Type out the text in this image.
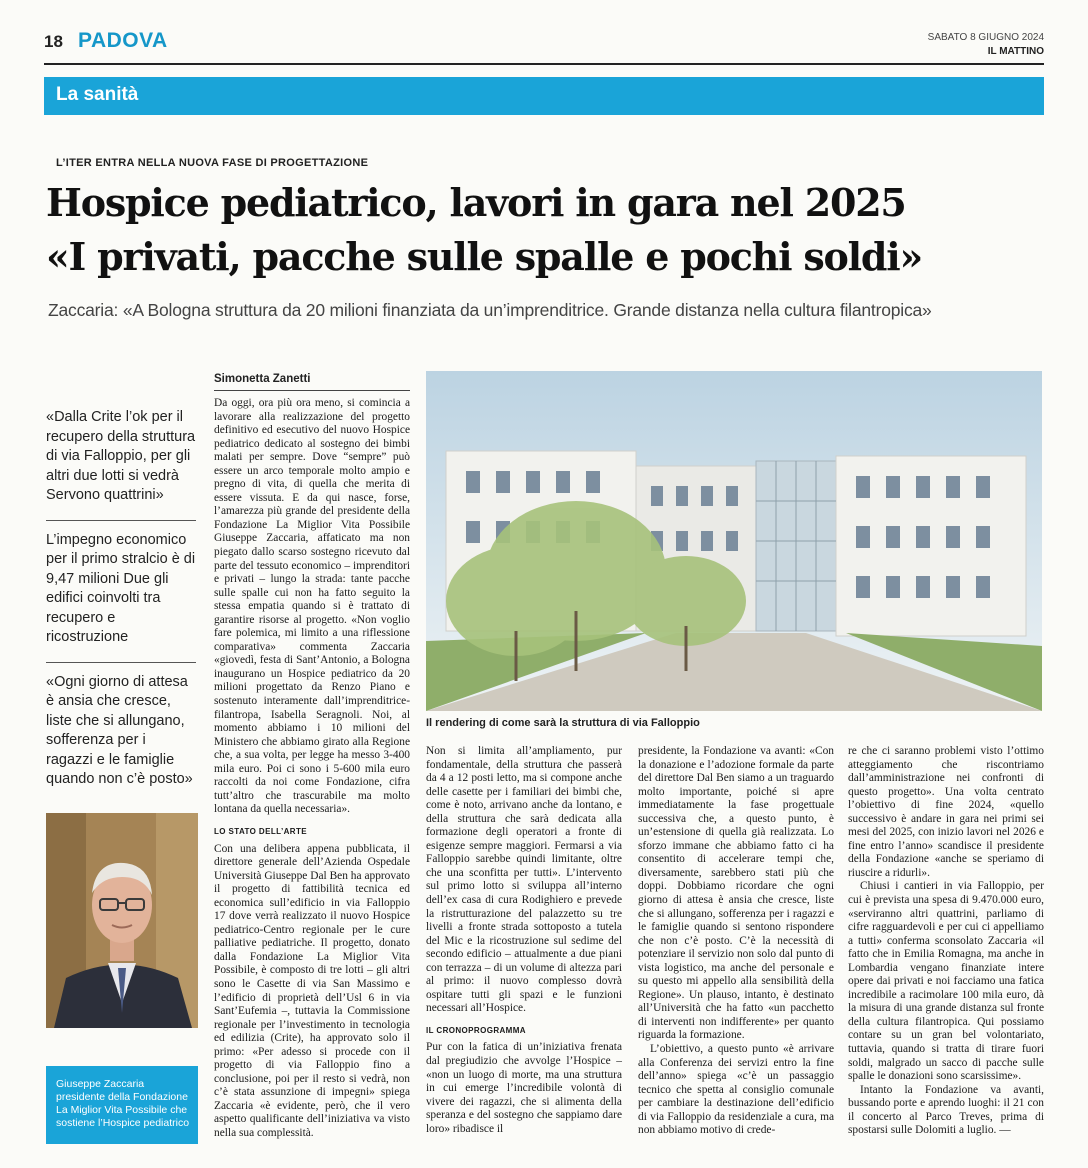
18 PADOVA	SABATO 8 GIUGNO 2024
IL MATTINO
La sanità
L’ITER ENTRA NELLA NUOVA FASE DI PROGETTAZIONE
Hospice pediatrico, lavori in gara nel 2025
«I privati, pacche sulle spalle e pochi soldi»
Zaccaria: «A Bologna struttura da 20 milioni finanziata da un’imprenditrice. Grande distanza nella cultura filantropica»

«Dalla Crite l’ok per il recupero della struttura di via Falloppio, per gli altri due lotti si vedrà Servono quattrini»

L’impegno economico per il primo stralcio è di 9,47 milioni Due gli edifici coinvolti tra recupero e ricostruzione

«Ogni giorno di attesa è ansia che cresce, liste che si allungano, sofferenza per i ragazzi e le famiglie quando non c’è posto»

Giuseppe Zaccaria presidente della Fondazione La Miglior Vita Possibile che sostiene l’Hospice pediatrico
Simonetta Zanetti

Da oggi, ora più ora meno, si comincia a lavorare alla realizzazione del progetto definitivo ed esecutivo del nuovo Hospice pediatrico dedicato al sostegno dei bimbi malati per sempre. Dove “sempre” può essere un arco temporale molto ampio e pregno di vita, di quella che merita di essere vissuta. E da qui nasce, forse, l’amarezza più grande del presidente della Fondazione La Miglior Vita Possibile Giuseppe Zaccaria, affaticato ma non piegato dallo scarso sostegno ricevuto dal parte del tessuto economico – imprenditori e privati – lungo la strada: tante pacche sulle spalle cui non ha fatto seguito la stessa empatia quando si è trattato di garantire risorse al progetto. «Non voglio fare polemica, mi limito a una riflessione comparativa» commenta Zaccaria «giovedì, festa di Sant’Antonio, a Bologna inaugurano un Hospice pediatrico da 20 milioni progettato da Renzo Piano e sostenuto interamente dall’imprenditrice-filantropa, Isabella Seragnoli. Noi, al momento abbiamo i 10 milioni del Ministero che abbiamo girato alla Regione che, a sua volta, per legge ha messo 3-400 mila euro. Poi ci sono i 5-600 mila euro raccolti da noi come Fondazione, cifra tutt’altro che trascurabile ma molto lontana da quella necessaria».

LO STATO DELL’ARTE

Con una delibera appena pubblicata, il direttore generale dell’Azienda Ospedale Università Giuseppe Dal Ben ha approvato il progetto di fattibilità tecnica ed economica sull’edificio in via Falloppio 17 dove verrà realizzato il nuovo Hospice pediatrico-Centro regionale per le cure palliative pediatriche. Il progetto, donato dalla Fondazione La Miglior Vita Possibile, è composto di tre lotti – gli altri sono le Casette di via San Massimo e l’edificio di proprietà dell’Usl 6 in via Sant’Eufemia –, tuttavia la Commissione regionale per l’investimento in tecnologia ed edilizia (Crite), ha approvato solo il primo: «Per adesso si procede con il progetto di via Falloppio fino a conclusione, poi per il resto si vedrà, non c’è stata assunzione di impegni» spiega Zaccaria «è evidente, però, che il vero aspetto qualificante dell’iniziativa va visto nella sua complessità.

Il rendering di come sarà la struttura di via Falloppio

Non si limita all’ampliamento, pur fondamentale, della struttura che passerà da 4 a 12 posti letto, ma si compone anche delle casette per i familiari dei bimbi che, come è noto, arrivano anche da lontano, e della struttura che sarà dedicata alla formazione degli operatori a fronte di esigenze sempre maggiori. Fermarsi a via Falloppio sarebbe quindi limitante, oltre che una sconfitta per tutti». L’intervento sul primo lotto si sviluppa all’interno dell’ex casa di cura Rodighiero e prevede la ristrutturazione del palazzetto su tre livelli a fronte strada sottoposto a tutela del Mic e la ricostruzione sul sedime del secondo edificio – attualmente a due piani con terrazza – di un volume di altezza pari al primo: il nuovo complesso dovrà ospitare tutti gli spazi e le funzioni necessari all’Hospice.

IL CRONOPROGRAMMA

Pur con la fatica di un’iniziativa frenata dal pregiudizio che avvolge l’Hospice – «non un luogo di morte, ma una struttura in cui emerge l’incredibile volontà di vivere dei ragazzi, che si alimenta della speranza e del sostegno che sappiamo dare loro» ribadisce il

presidente, la Fondazione va avanti: «Con la donazione e l’adozione formale da parte del direttore Dal Ben siamo a un traguardo molto importante, poiché si apre immediatamente la fase progettuale successiva che, a questo punto, è un’estensione di quella già realizzata. Lo sforzo immane che abbiamo fatto ci ha consentito di accelerare tempi che, diversamente, sarebbero stati più che doppi. Dobbiamo ricordare che ogni giorno di attesa è ansia che cresce, liste che si allungano, sofferenza per i ragazzi e le famiglie quando si sentono rispondere che non c’è posto. C’è la necessità di potenziare il servizio non solo dal punto di vista logistico, ma anche del personale e su questo mi appello alla sensibilità della Regione». Un plauso, intanto, è destinato all’Università che ha fatto «un pacchetto di interventi non indifferente» per quanto riguarda la formazione.

L’obiettivo, a questo punto «è arrivare alla Conferenza dei servizi entro la fine dell’anno» spiega «c’è un passaggio tecnico che spetta al consiglio comunale per cambiare la destinazione dell’edificio di via Falloppio da residenziale a cura, ma non abbiamo motivo di crede-

re che ci saranno problemi visto l’ottimo atteggiamento che riscontriamo dall’amministrazione nei confronti di questo progetto». Una volta centrato l’obiettivo di fine 2024, «quello successivo è andare in gara nei primi sei mesi del 2025, con inizio lavori nel 2026 e fine entro l’anno» scandisce il presidente della Fondazione «anche se speriamo di riuscire a ridurli».

Chiusi i cantieri in via Falloppio, per cui è prevista una spesa di 9.470.000 euro, «serviranno altri quattrini, parliamo di cifre ragguardevoli e per cui ci appelliamo a tutti» conferma sconsolato Zaccaria «il fatto che in Emilia Romagna, ma anche in Lombardia vengano finanziate intere opere dai privati e noi facciamo una fatica incredibile a racimolare 100 mila euro, dà la misura di una grande distanza sul fronte della cultura filantropica. Qui possiamo contare su un gran bel volontariato, tuttavia, quando si tratta di tirare fuori soldi, malgrado un sacco di pacche sulle spalle le donazioni sono scarsissime».

Intanto la Fondazione va avanti, bussando porte e aprendo luoghi: il 21 con il concerto al Parco Treves, prima di spostarsi sulle Dolomiti a luglio. —
